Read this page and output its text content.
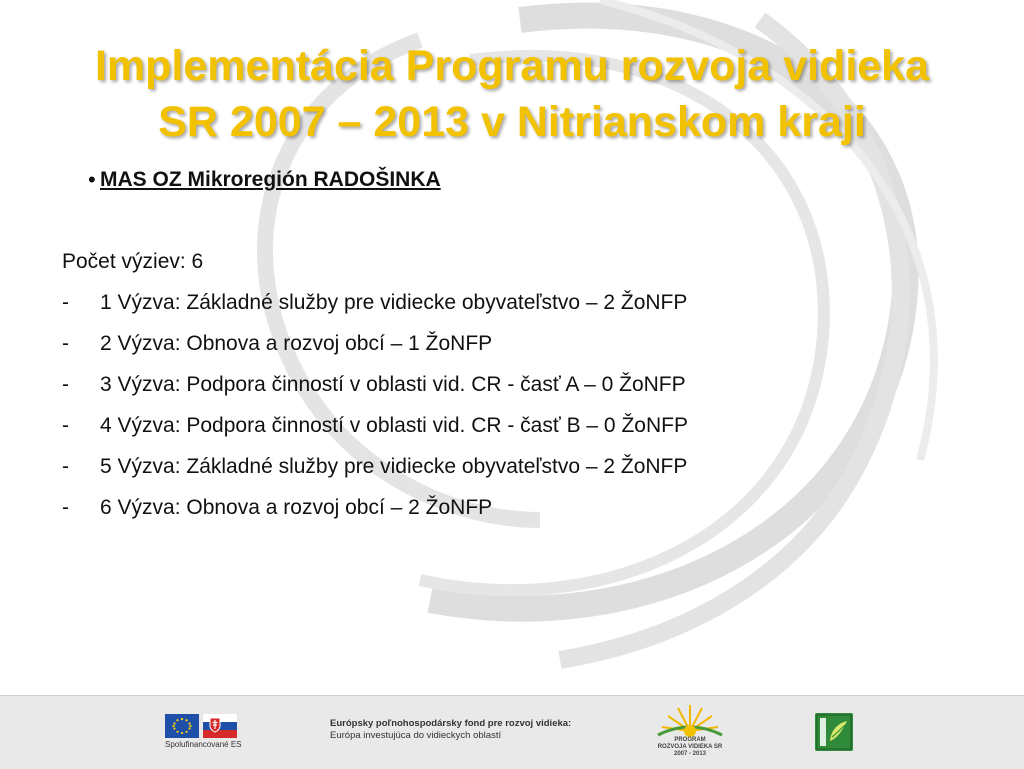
Implementácia Programu rozvoja vidieka
SR 2007 – 2013 v Nitrianskom kraji
• MAS OZ Mikroregión RADOŠINKA
Počet výziev: 6
-	1 Výzva: Základné služby pre vidiecke obyvateľstvo – 2 ŽoNFP
-	2 Výzva: Obnova a rozvoj obcí – 1 ŽoNFP
-	3 Výzva: Podpora činností v oblasti vid. CR - časť A – 0 ŽoNFP
-	4 Výzva: Podpora činností v oblasti vid. CR - časť B – 0 ŽoNFP
-	5 Výzva: Základné služby pre vidiecke obyvateľstvo – 2 ŽoNFP
-	6 Výzva: Obnova a rozvoj obcí – 2 ŽoNFP
Spolufinancované ES
Európsky poľnohospodársky fond pre rozvoj vidieka:
Európa investujúca do vidieckych oblastí	PROGRAM
ROZVOJA VIDIEKA SR
2007 - 2013
